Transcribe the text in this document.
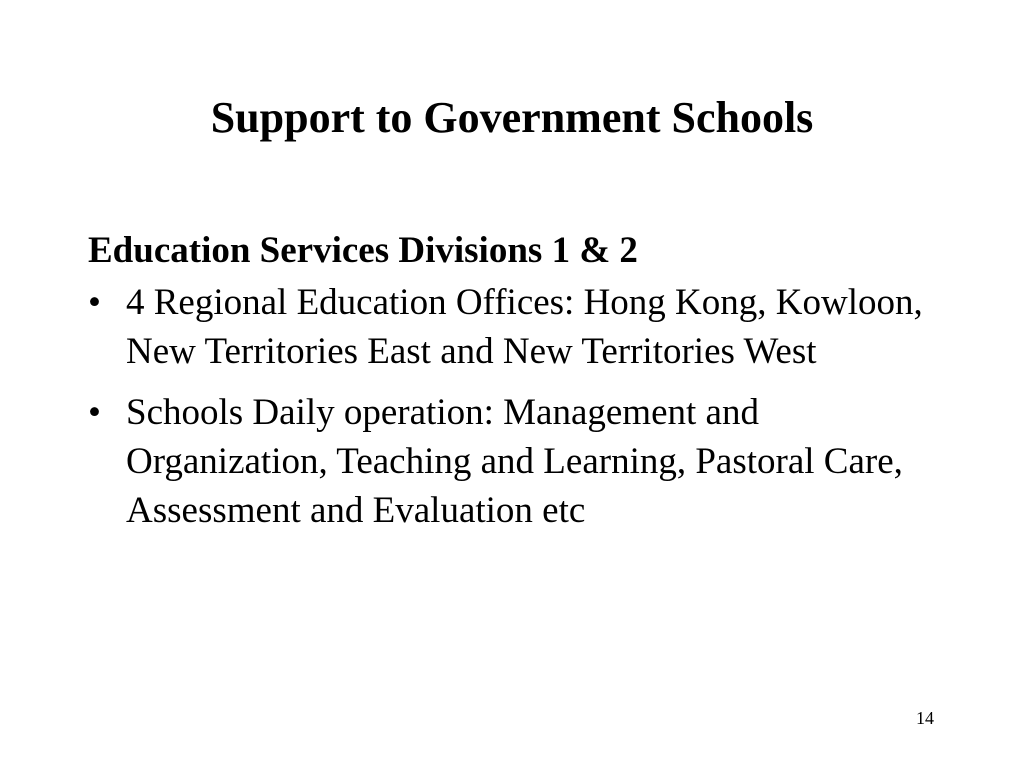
Support to Government Schools

Education Services Divisions 1 & 2

• 4 Regional Education Offices: Hong Kong, Kowloon, New Territories East and New Territories West
• Schools Daily operation: Management and Organization, Teaching and Learning, Pastoral Care, Assessment and Evaluation etc
14
